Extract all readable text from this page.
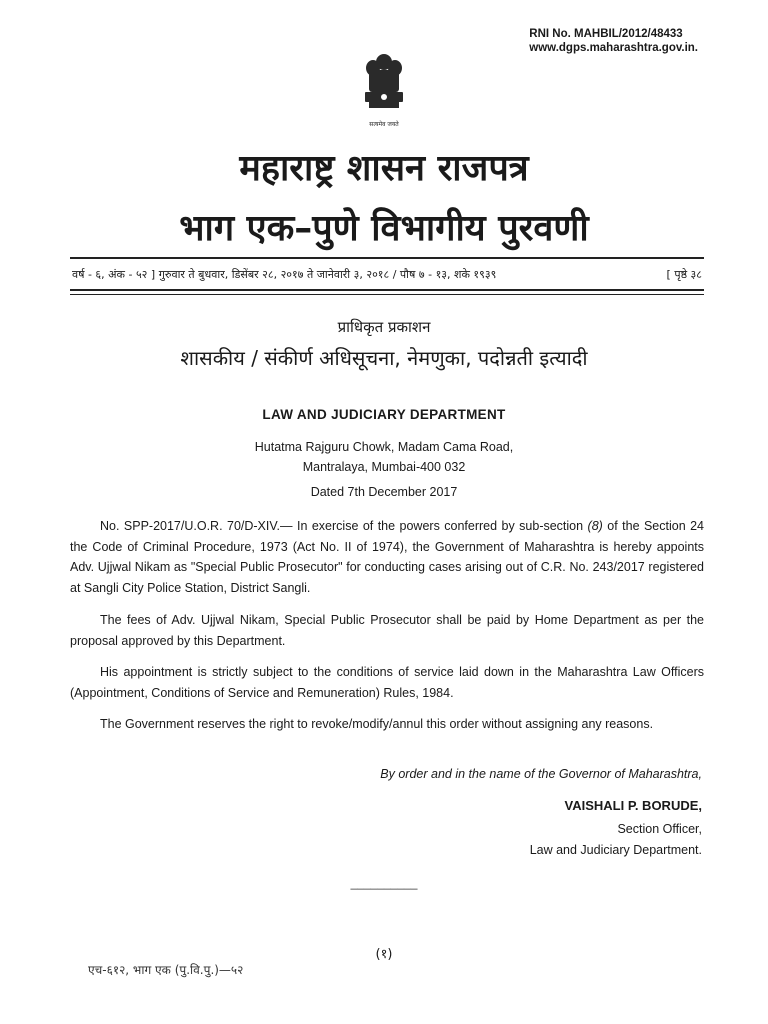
RNI No. MAHBIL/2012/48433
www.dgps.maharashtra.gov.in.
सत्यमेव जयते
महाराष्ट्र शासन राजपत्र
भाग एक–पुणे विभागीय पुरवणी
वर्ष - ६, अंक - ५२ ] गुरुवार ते बुधवार, डिसेंबर २८, २०१७ ते जानेवारी ३, २०१८ / पौष ७ - १३, शके १९३९	[ पृष्ठे ३८
प्राधिकृत प्रकाशन
शासकीय / संकीर्ण अधिसूचना, नेमणुका, पदोन्नती इत्यादी
LAW AND JUDICIARY DEPARTMENT
Hutatma Rajguru Chowk, Madam Cama Road,
Mantralaya, Mumbai-400 032
Dated 7th December 2017
No. SPP-2017/U.O.R. 70/D-XIV.— In exercise of the powers conferred by sub-section (8) of the Section 24 the Code of Criminal Procedure, 1973 (Act No. II of 1974), the Government of Maharashtra is hereby appoints Adv. Ujjwal Nikam as "Special Public Prosecutor" for conducting cases arising out of C.R. No. 243/2017 registered at Sangli City Police Station, District Sangli.
The fees of Adv. Ujjwal Nikam, Special Public Prosecutor shall be paid by Home Department as per the proposal approved by this Department.
His appointment is strictly subject to the conditions of service laid down in the Maharashtra Law Officers (Appointment, Conditions of Service and Remuneration) Rules, 1984.
The Government reserves the right to revoke/modify/annul this order without assigning any reasons.
By order and in the name of the Governor of Maharashtra,
VAISHALI P. BORUDE,
Section Officer,
Law and Judiciary Department.
__________
(१)
एच-६१२, भाग एक (पु.वि.पु.)—५२
